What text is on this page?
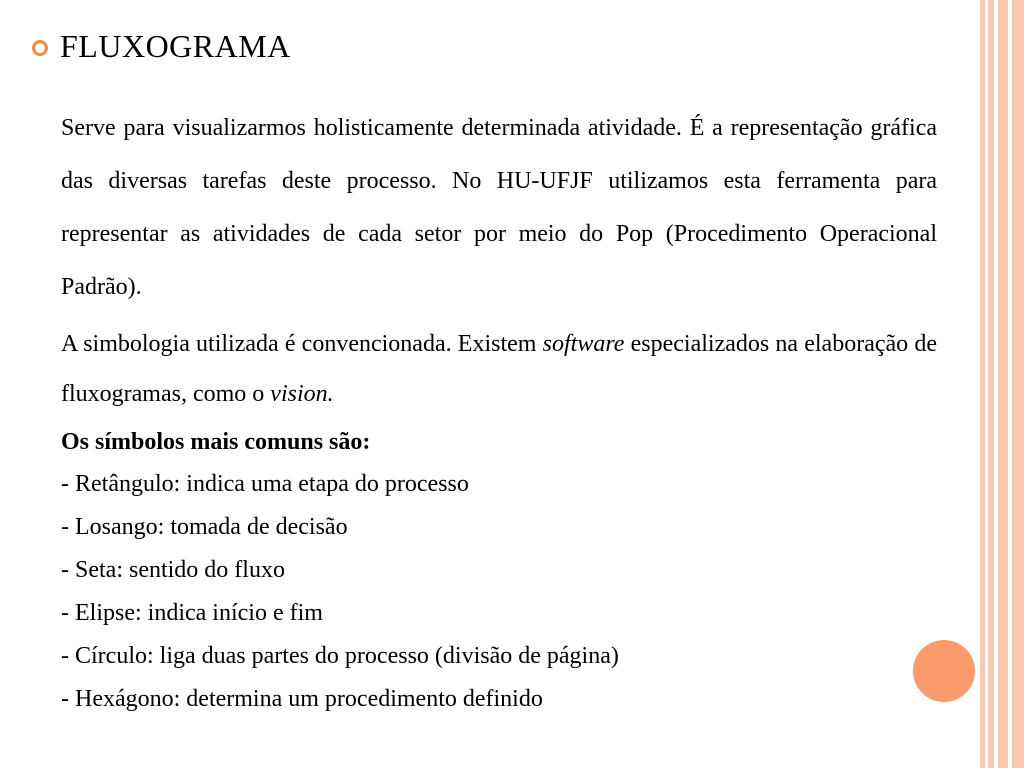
FLUXOGRAMA

Serve para visualizarmos holisticamente determinada atividade. É a representação gráfica das diversas tarefas deste processo. No HU-UFJF utilizamos esta ferramenta para representar as atividades de cada setor por meio do Pop (Procedimento Operacional Padrão).

A simbologia utilizada é convencionada. Existem software especializados na elaboração de fluxogramas, como o vision.

Os símbolos mais comuns são:

- Retângulo: indica uma etapa do processo
- Losango: tomada de decisão
- Seta: sentido do fluxo
- Elipse: indica início e fim
- Círculo: liga duas partes do processo (divisão de página)
- Hexágono: determina um procedimento definido
